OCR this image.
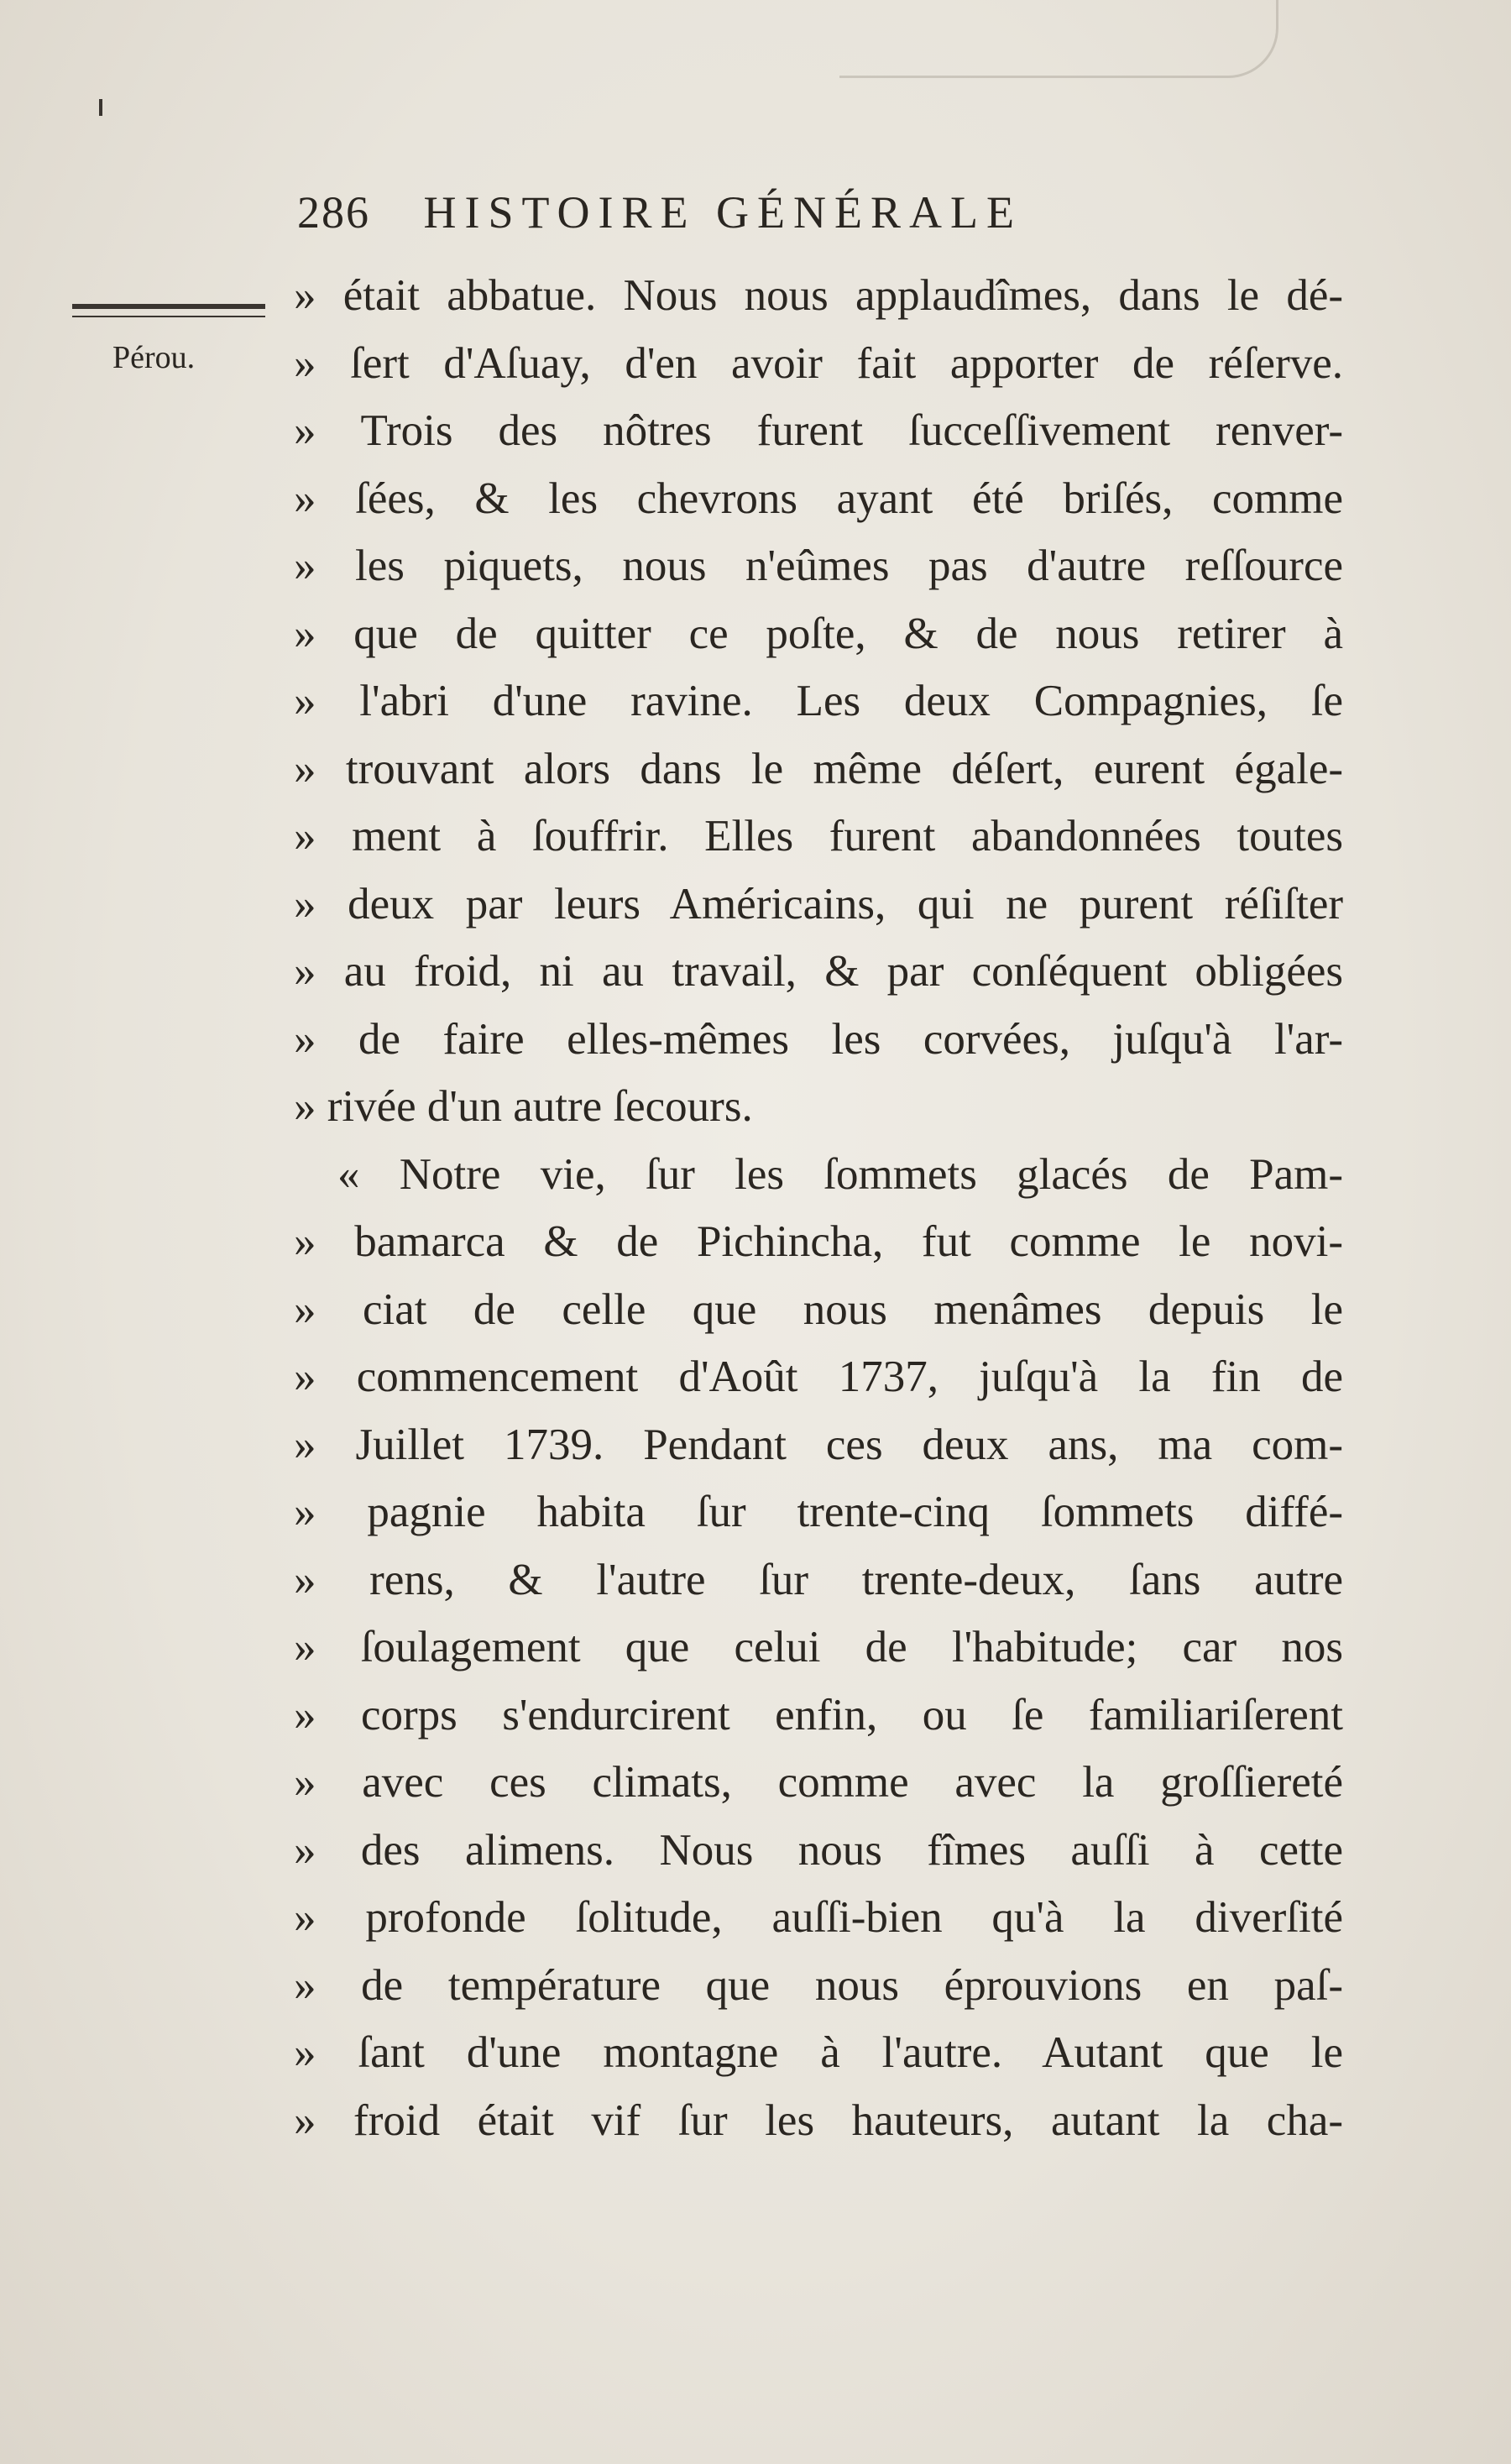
286 HISTOIRE GÉNÉRALE
Pérou.
» était abbatue. Nous nous applaudîmes, dans le dé-
» ſert d'Aſuay, d'en avoir fait apporter de réſerve.
» Trois des nôtres furent ſucceſſivement renver-
» ſées, & les chevrons ayant été briſés, comme
» les piquets, nous n'eûmes pas d'autre reſſource
» que de quitter ce poſte, & de nous retirer à
» l'abri d'une ravine. Les deux Compagnies, ſe
» trouvant alors dans le même déſert, eurent égale-
» ment à ſouffrir. Elles furent abandonnées toutes
» deux par leurs Américains, qui ne purent réſiſter
» au froid, ni au travail, & par conſéquent obligées
» de faire elles-mêmes les corvées, juſqu'à l'ar-
» rivée d'un autre ſecours.
« Notre vie, ſur les ſommets glacés de Pam-
» bamarca & de Pichincha, fut comme le novi-
» ciat de celle que nous menâmes depuis le
» commencement d'Août 1737, juſqu'à la fin de
» Juillet 1739. Pendant ces deux ans, ma com-
» pagnie habita ſur trente-cinq ſommets diffé-
» rens, & l'autre ſur trente-deux, ſans autre
» ſoulagement que celui de l'habitude; car nos
» corps s'endurcirent enfin, ou ſe familiariſerent
» avec ces climats, comme avec la groſſiereté
» des alimens. Nous nous fîmes auſſi à cette
» profonde ſolitude, auſſi-bien qu'à la diverſité
» de température que nous éprouvions en paſ-
» ſant d'une montagne à l'autre. Autant que le
» froid était vif ſur les hauteurs, autant la cha-
